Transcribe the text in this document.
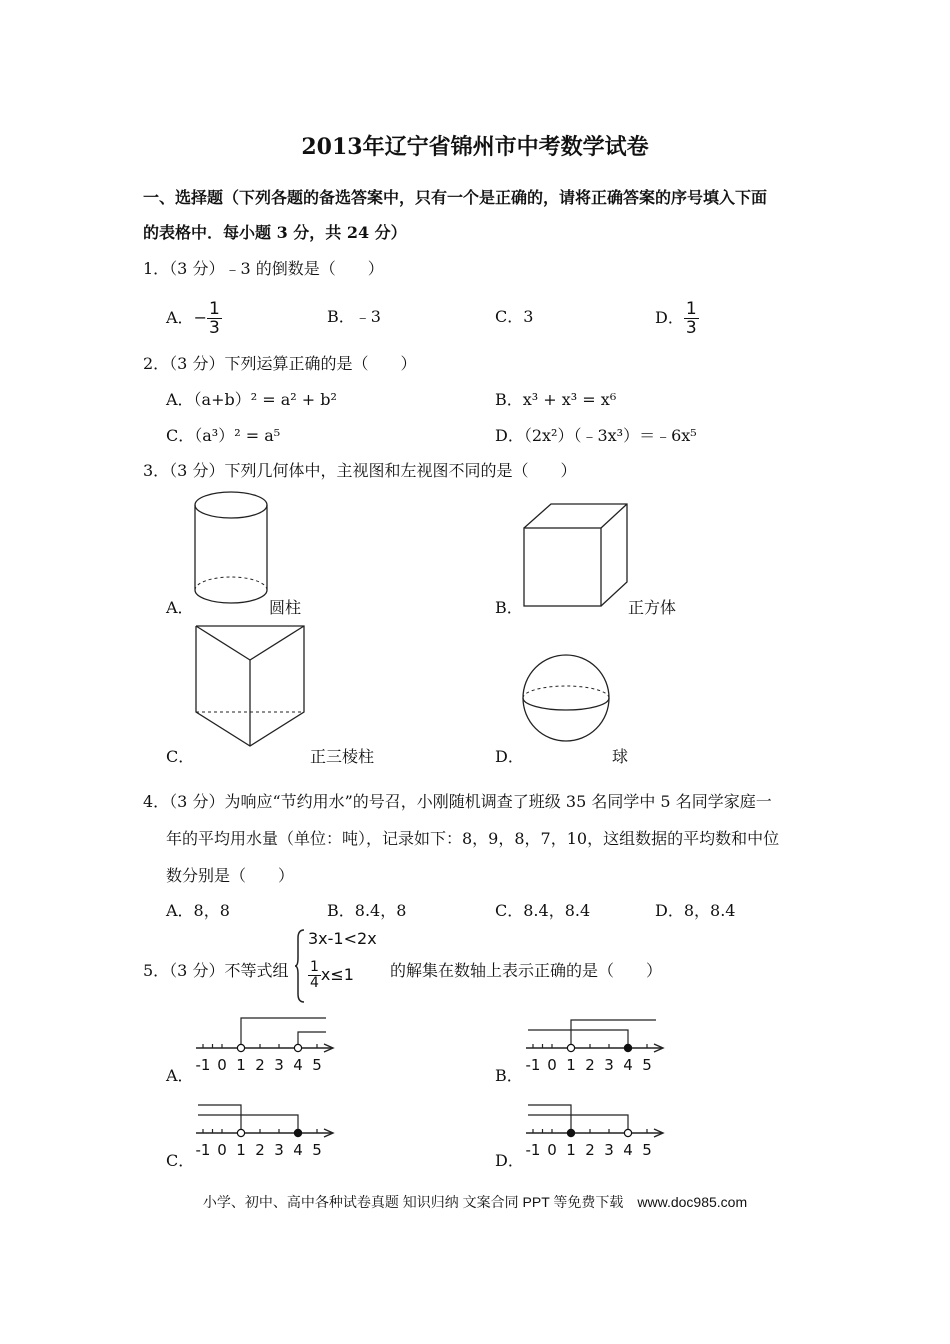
2013年辽宁省锦州市中考数学试卷
一、选择题（下列各题的备选答案中，只有一个是正确的，请将正确答案的序号填入下面
的表格中．每小题 3 分，共 24 分）
1．（3 分）﹣3 的倒数是（　　）
A．− $\frac{1}{3}$	B．﹣3	C．3	D． $\frac{1}{3}$
2．（3 分）下列运算正确的是（　　）
A．（a+b）² = a² + b²	B．x³ + x³ = x⁶
C．（a³）² = a⁵	D．（2x²）（﹣3x³）＝﹣6x⁵
3．（3 分）下列几何体中，主视图和左视图不同的是（　　）
A．	圆柱	B．	正方体
C．	正三棱柱	D．	球
4．（3 分）为响应“节约用水”的号召，小刚随机调查了班级 35 名同学中 5 名同学家庭一
年的平均用水量（单位：吨），记录如下：8，9，8，7，10，这组数据的平均数和中位
数分别是（　　）
A．8，8	B．8.4，8	C．8.4，8.4	D．8，8.4
5．（3 分）不等式组
3x-1<2x
$\frac{1}{4} x\le 1$ 的解集在数轴上表示正确的是（　　）
A．	B．
C．	D．
-1 0 1 2 3 4 5	-1 0 1 2 3 4 5
-1 0 1 2 3 4 5	-1 0 1 2 3 4 5
小学、初中、高中各种试卷真题 知识归纳 文案合同 PPT 等免费下载　www.doc985.com
